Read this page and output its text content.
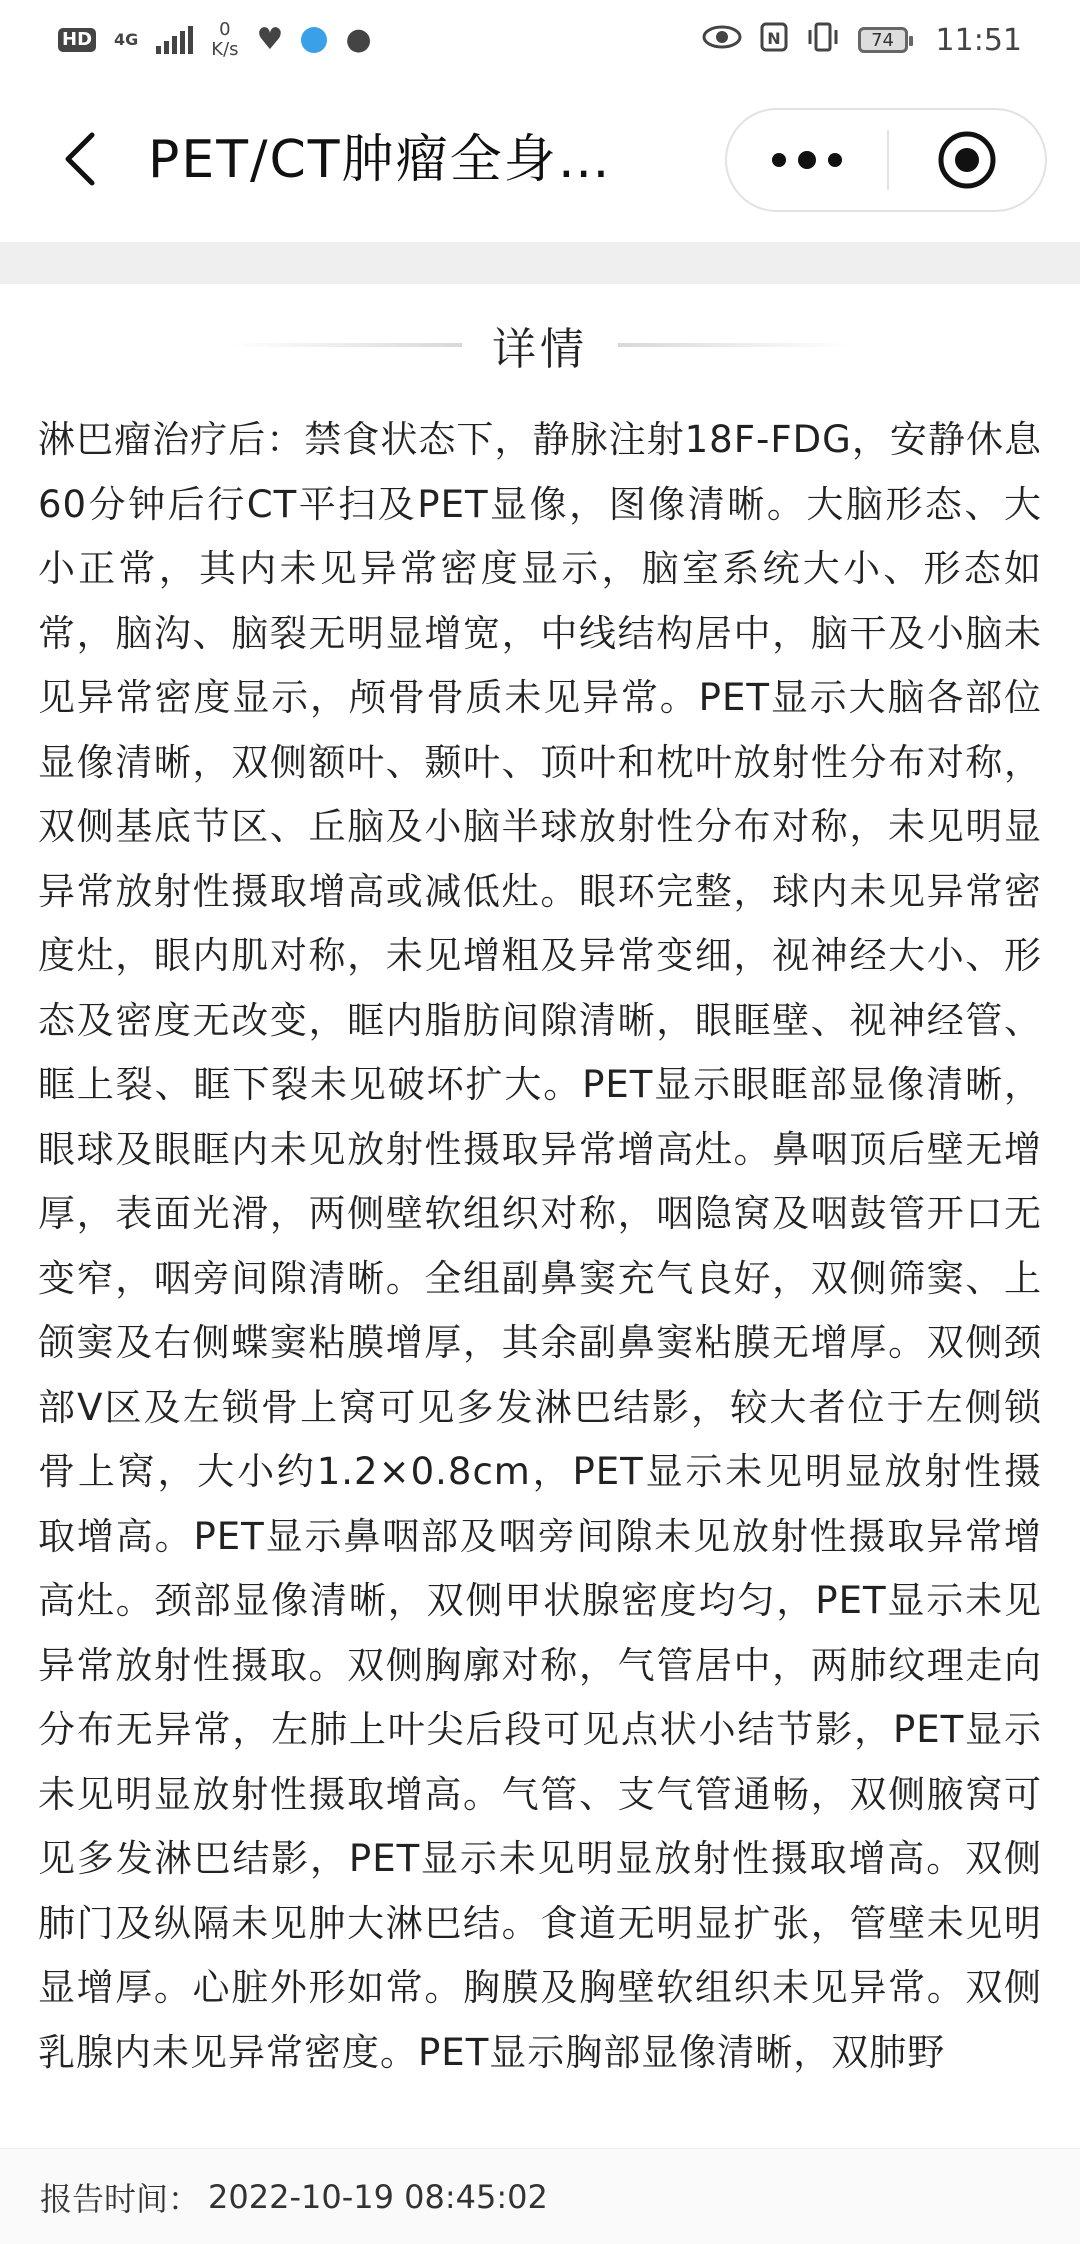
HD 4G	0
K/s ♥ ●	N	74	11:51
PET/CT肿瘤全身…
详情

淋巴瘤治疗后：禁食状态下，静脉注射18F-FDG，安静休息60分钟后行CT平扫及PET显像，图像清晰。大脑形态、大小正常，其内未见异常密度显示，脑室系统大小、形态如常，脑沟、脑裂无明显增宽，中线结构居中，脑干及小脑未见异常密度显示，颅骨骨质未见异常。PET显示大脑各部位显像清晰，双侧额叶、颞叶、顶叶和枕叶放射性分布对称，双侧基底节区、丘脑及小脑半球放射性分布对称，未见明显异常放射性摄取增高或减低灶。眼环完整，球内未见异常密度灶，眼内肌对称，未见增粗及异常变细，视神经大小、形态及密度无改变，眶内脂肪间隙清晰，眼眶壁、视神经管、眶上裂、眶下裂未见破坏扩大。PET显示眼眶部显像清晰，眼球及眼眶内未见放射性摄取异常增高灶。鼻咽顶后壁无增厚，表面光滑，两侧壁软组织对称，咽隐窝及咽鼓管开口无变窄，咽旁间隙清晰。全组副鼻窦充气良好，双侧筛窦、上颌窦及右侧蝶窦粘膜增厚，其余副鼻窦粘膜无增厚。双侧颈部V区及左锁骨上窝可见多发淋巴结影，较大者位于左侧锁骨上窝，大小约1.2×0.8cm，PET显示未见明显放射性摄取增高。PET显示鼻咽部及咽旁间隙未见放射性摄取异常增高灶。颈部显像清晰，双侧甲状腺密度均匀，PET显示未见异常放射性摄取。双侧胸廓对称，气管居中，两肺纹理走向分布无异常，左肺上叶尖后段可见点状小结节影，PET显示未见明显放射性摄取增高。气管、支气管通畅，双侧腋窝可见多发淋巴结影，PET显示未见明显放射性摄取增高。双侧肺门及纵隔未见肿大淋巴结。食道无明显扩张，管壁未见明显增厚。心脏外形如常。胸膜及胸壁软组织未见异常。双侧乳腺内未见异常密度。PET显示胸部显像清晰，双肺野

报告时间： 2022-10-19 08:45:02
